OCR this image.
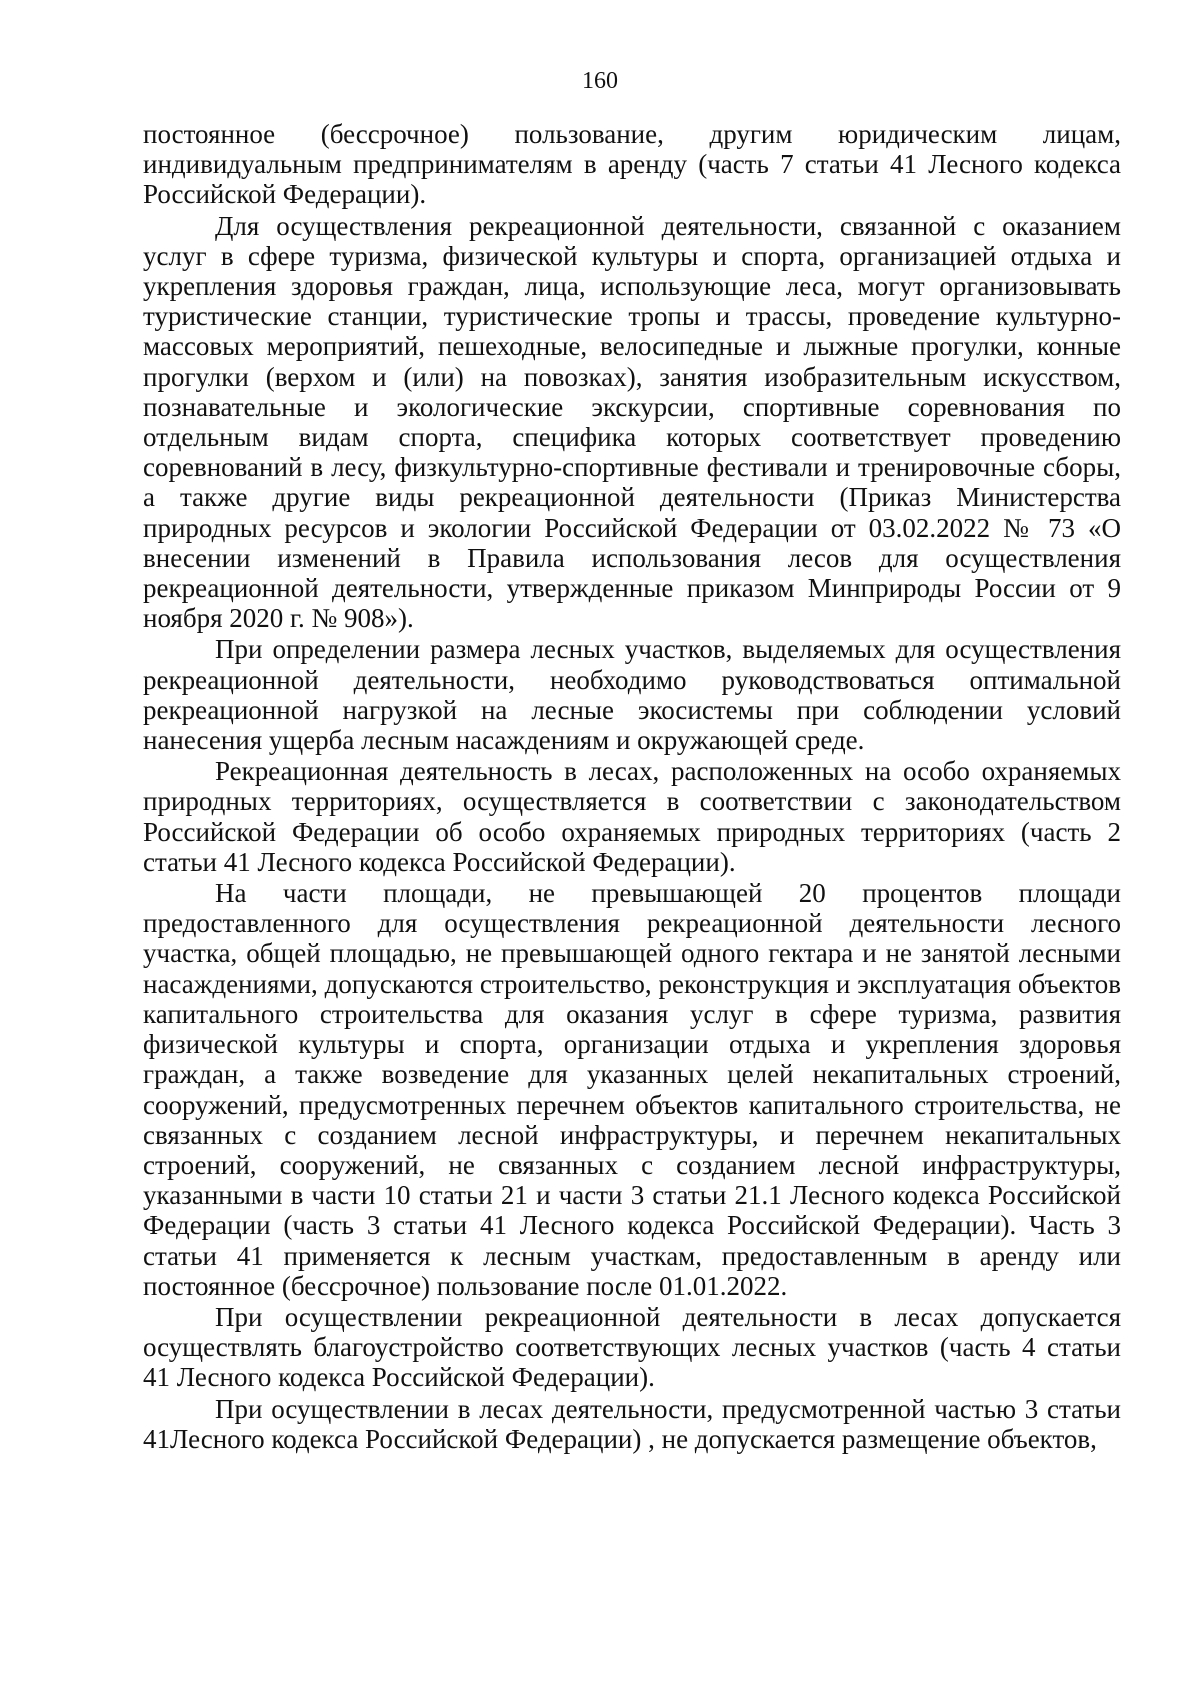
160

постоянное (бессрочное) пользование, другим юридическим лицам, индивидуальным предпринимателям в аренду (часть 7 статьи 41 Лесного кодекса Российской Федерации).

Для осуществления рекреационной деятельности, связанной с оказанием услуг в сфере туризма, физической культуры и спорта, организацией отдыха и укрепления здоровья граждан, лица, использующие леса, могут организовывать туристические станции, туристические тропы и трассы, проведение культурно-массовых мероприятий, пешеходные, велосипедные и лыжные прогулки, конные прогулки (верхом и (или) на повозках), занятия изобразительным искусством, познавательные и экологические экскурсии, спортивные соревнования по отдельным видам спорта, специфика которых соответствует проведению соревнований в лесу, физкультурно-спортивные фестивали и тренировочные сборы, а также другие виды рекреационной деятельности (Приказ Министерства природных ресурсов и экологии Российской Федерации от 03.02.2022 № 73 «О внесении изменений в Правила использования лесов для осуществления рекреационной деятельности, утвержденные приказом Минприроды России от 9 ноября 2020 г. № 908»).

При определении размера лесных участков, выделяемых для осуществления рекреационной деятельности, необходимо руководствоваться оптимальной рекреационной нагрузкой на лесные экосистемы при соблюдении условий нанесения ущерба лесным насаждениям и окружающей среде.

Рекреационная деятельность в лесах, расположенных на особо охраняемых природных территориях, осуществляется в соответствии с законодательством Российской Федерации об особо охраняемых природных территориях (часть 2 статьи 41 Лесного кодекса Российской Федерации).

На части площади, не превышающей 20 процентов площади предоставленного для осуществления рекреационной деятельности лесного участка, общей площадью, не превышающей одного гектара и не занятой лесными насаждениями, допускаются строительство, реконструкция и эксплуатация объектов капитального строительства для оказания услуг в сфере туризма, развития физической культуры и спорта, организации отдыха и укрепления здоровья граждан, а также возведение для указанных целей некапитальных строений, сооружений, предусмотренных перечнем объектов капитального строительства, не связанных с созданием лесной инфраструктуры, и перечнем некапитальных строений, сооружений, не связанных с созданием лесной инфраструктуры, указанными в части 10 статьи 21 и части 3 статьи 21.1 Лесного кодекса Российской Федерации (часть 3 статьи 41 Лесного кодекса Российской Федерации). Часть 3 статьи 41 применяется к лесным участкам, предоставленным в аренду или постоянное (бессрочное) пользование после 01.01.2022.

При осуществлении рекреационной деятельности в лесах допускается осуществлять благоустройство соответствующих лесных участков (часть 4 статьи 41 Лесного кодекса Российской Федерации).

При осуществлении в лесах деятельности, предусмотренной частью 3 статьи 41Лесного кодекса Российской Федерации) , не допускается размещение объектов,
